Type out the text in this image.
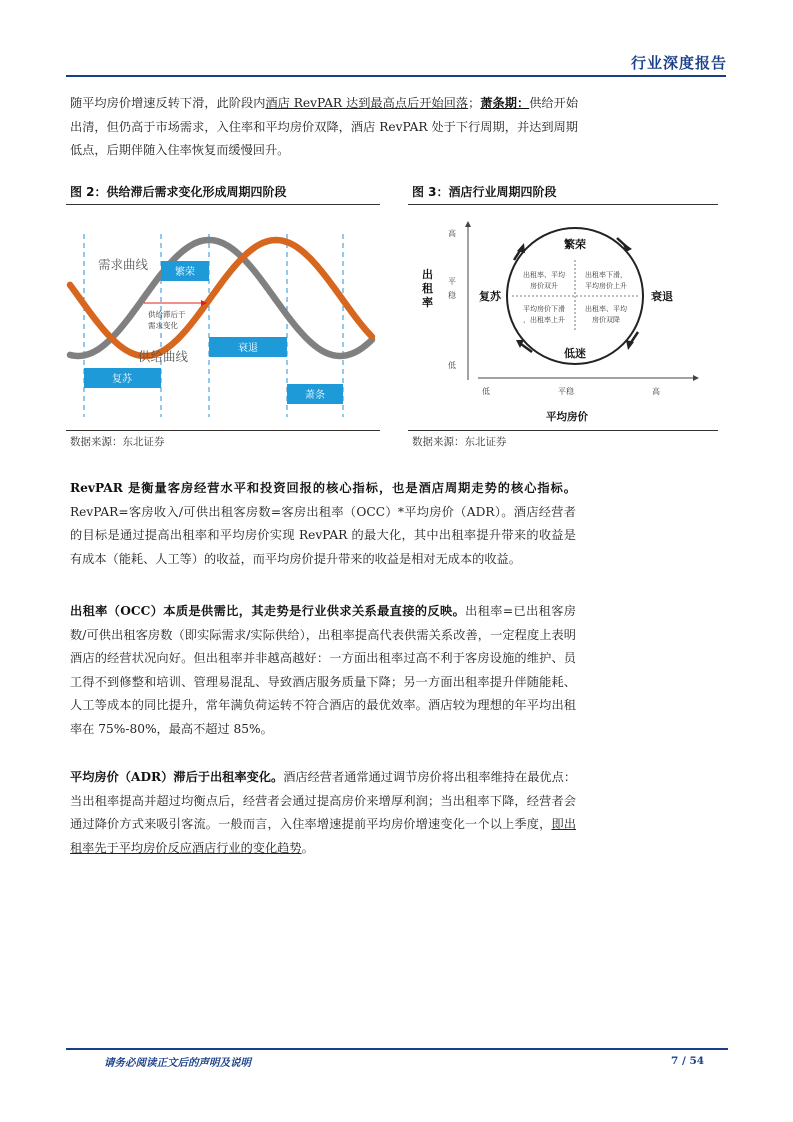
行业深度报告
随平均房价增速反转下滑，此阶段内酒店 RevPAR 达到最高点后开始回落；萧条期：供给开始出清，但仍高于市场需求，入住率和平均房价双降，酒店 RevPAR 处于下行周期，并达到周期低点，后期伴随入住率恢复而缓慢回升。
图 2：供给滞后需求变化形成周期四阶段	图 3：酒店行业周期四阶段
复苏
繁荣
衰退
萧条
需求曲线
供给曲线
供给滞后于
需求变化
数据来源：东北证券
出
租
率
高
平
稳
低
低	平稳	高
平均房价
繁荣
衰退
低迷
复苏
出租率、平均
房价双升
出租率下滑，
平均房价上升
平均房价下滑
，出租率上升
出租率、平均
房价双降
数据来源：东北证券
RevPAR 是衡量客房经营水平和投资回报的核心指标，也是酒店周期走势的核心指标。RevPAR=客房收入/可供出租客房数=客房出租率（OCC）*平均房价（ADR）。酒店经营者的目标是通过提高出租率和平均房价实现 RevPAR 的最大化，其中出租率提升带来的收益是有成本（能耗、人工等）的收益，而平均房价提升带来的收益是相对无成本的收益。
出租率（OCC）本质是供需比，其走势是行业供求关系最直接的反映。出租率=已出租客房数/可供出租客房数（即实际需求/实际供给），出租率提高代表供需关系改善，一定程度上表明酒店的经营状况向好。但出租率并非越高越好：一方面出租率过高不利于客房设施的维护、员工得不到修整和培训、管理易混乱、导致酒店服务质量下降；另一方面出租率提升伴随能耗、人工等成本的同比提升，常年满负荷运转不符合酒店的最优效率。酒店较为理想的年平均出租率在 75%-80%，最高不超过 85%。
平均房价（ADR）滞后于出租率变化。酒店经营者通常通过调节房价将出租率维持在最优点：当出租率提高并超过均衡点后，经营者会通过提高房价来增厚利润；当出租率下降，经营者会通过降价方式来吸引客流。一般而言，入住率增速提前平均房价增速变化一个以上季度，即出租率先于平均房价反应酒店行业的变化趋势。
请务必阅读正文后的声明及说明	7 / 54
